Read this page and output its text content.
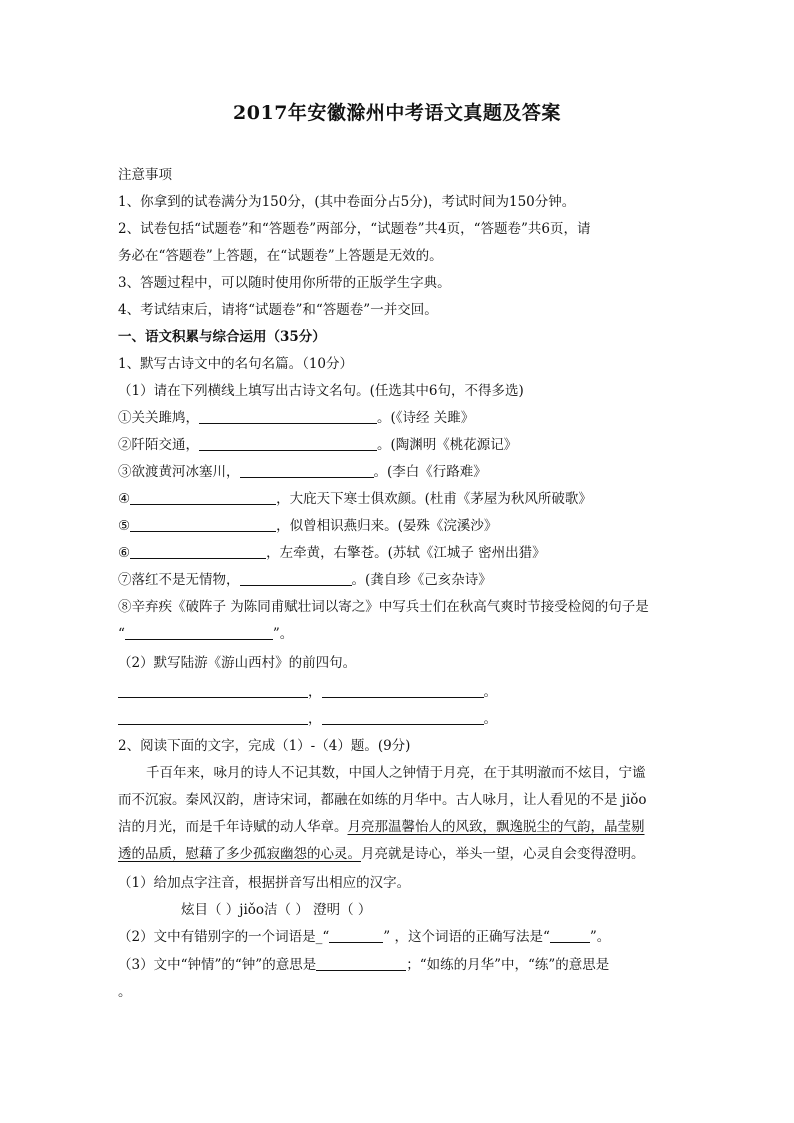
2017年安徽滁州中考语文真题及答案
注意事项
1、你拿到的试卷满分为150分，(其中卷面分占5分)，考试时间为150分钟。
2、试卷包括“试题卷”和“答题卷”两部分，“试题卷”共4页，“答题卷”共6页，请
务必在“答题卷”上答题，在“试题卷”上答题是无效的。
3、答题过程中，可以随时使用你所带的正版学生字典。
4、考试结束后，请将“试题卷”和“答题卷”一并交回。
一、语文积累与综合运用（35分）
1、默写古诗文中的名句名篇。（10分）
（1）请在下列横线上填写出古诗文名句。(任选其中6句，不得多选)
①关关雎鸠，	。(《诗经 关雎》
②阡陌交通，	。(陶渊明《桃花源记》
③欲渡黄河冰塞川，	。(李白《行路难》
④	，大庇天下寒士俱欢颜。(杜甫《茅屋为秋风所破歌》
⑤	，似曾相识燕归来。(晏殊《浣溪沙》
⑥	，左牵黄，右擎苍。(苏轼《江城子 密州出猎》
⑦落红不是无情物，	。(龚自珍《己亥杂诗》
⑧辛弃疾《破阵子 为陈同甫赋壮词以寄之》中写兵士们在秋高气爽时节接受检阅的句子是
“	”。
（2）默写陆游《游山西村》的前四句。
，	。
，	。
2、阅读下面的文字，完成（1）-（4）题。(9分)
千百年来，咏月的诗人不记其数，中国人之钟情于月亮，在于其明澈而不炫目，宁谧
而不沉寂。秦风汉韵，唐诗宋词，都融在如练的月华中。古人咏月，让人看见的不是 jiǒo
洁的月光，而是千年诗赋的动人华章。月亮那温馨怡人的风致，飘逸脱尘的气韵，晶莹剔
透的品质，慰藉了多少孤寂幽怨的心灵。月亮就是诗心，举头一望，心灵自会变得澄明。
（1）给加点字注音，根据拼音写出相应的汉字。
炫目（ ）jiǒo洁（ ） 澄明（ ）
（2）文中有错别字的一个词语是_“	” ，这个词语的正确写法是“	”。
（3）文中“钟情”的“钟”的意思是	；“如练的月华”中，“练”的意思是
。
